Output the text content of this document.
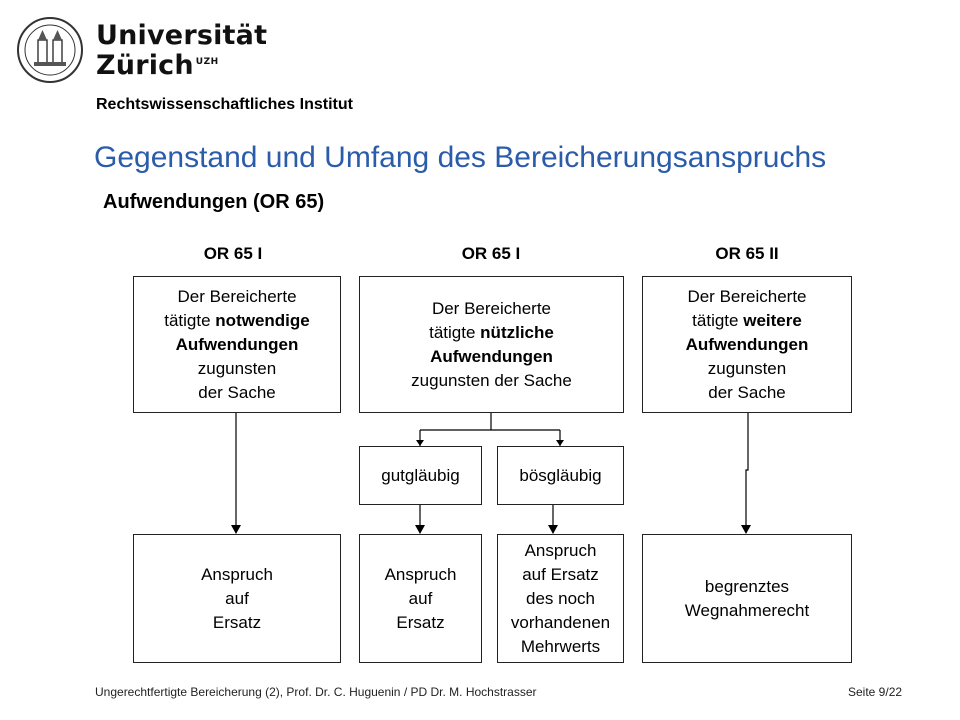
Universität
Zürich $^{UZH}$
Rechtswissenschaftliches Institut
Gegenstand und Umfang des Bereicherungsanspruchs
Aufwendungen (OR 65)
OR 65 I	OR 65 I	OR 65 II
Der Bereicherte
tätigte notwendige
Aufwendungen
zugunsten
der Sache
Der Bereicherte
tätigte nützliche
Aufwendungen
zugunsten der Sache
Der Bereicherte
tätigte weitere
Aufwendungen
zugunsten
der Sache
gutgläubig	bösgläubig
Anspruch
auf
Ersatz
Anspruch
auf
Ersatz
Anspruch
auf Ersatz
des noch
vorhandenen
Mehrwerts
begrenztes
Wegnahmerecht
Ungerechtfertigte Bereicherung (2), Prof. Dr. C. Huguenin / PD Dr. M. Hochstrasser	Seite 9/22
